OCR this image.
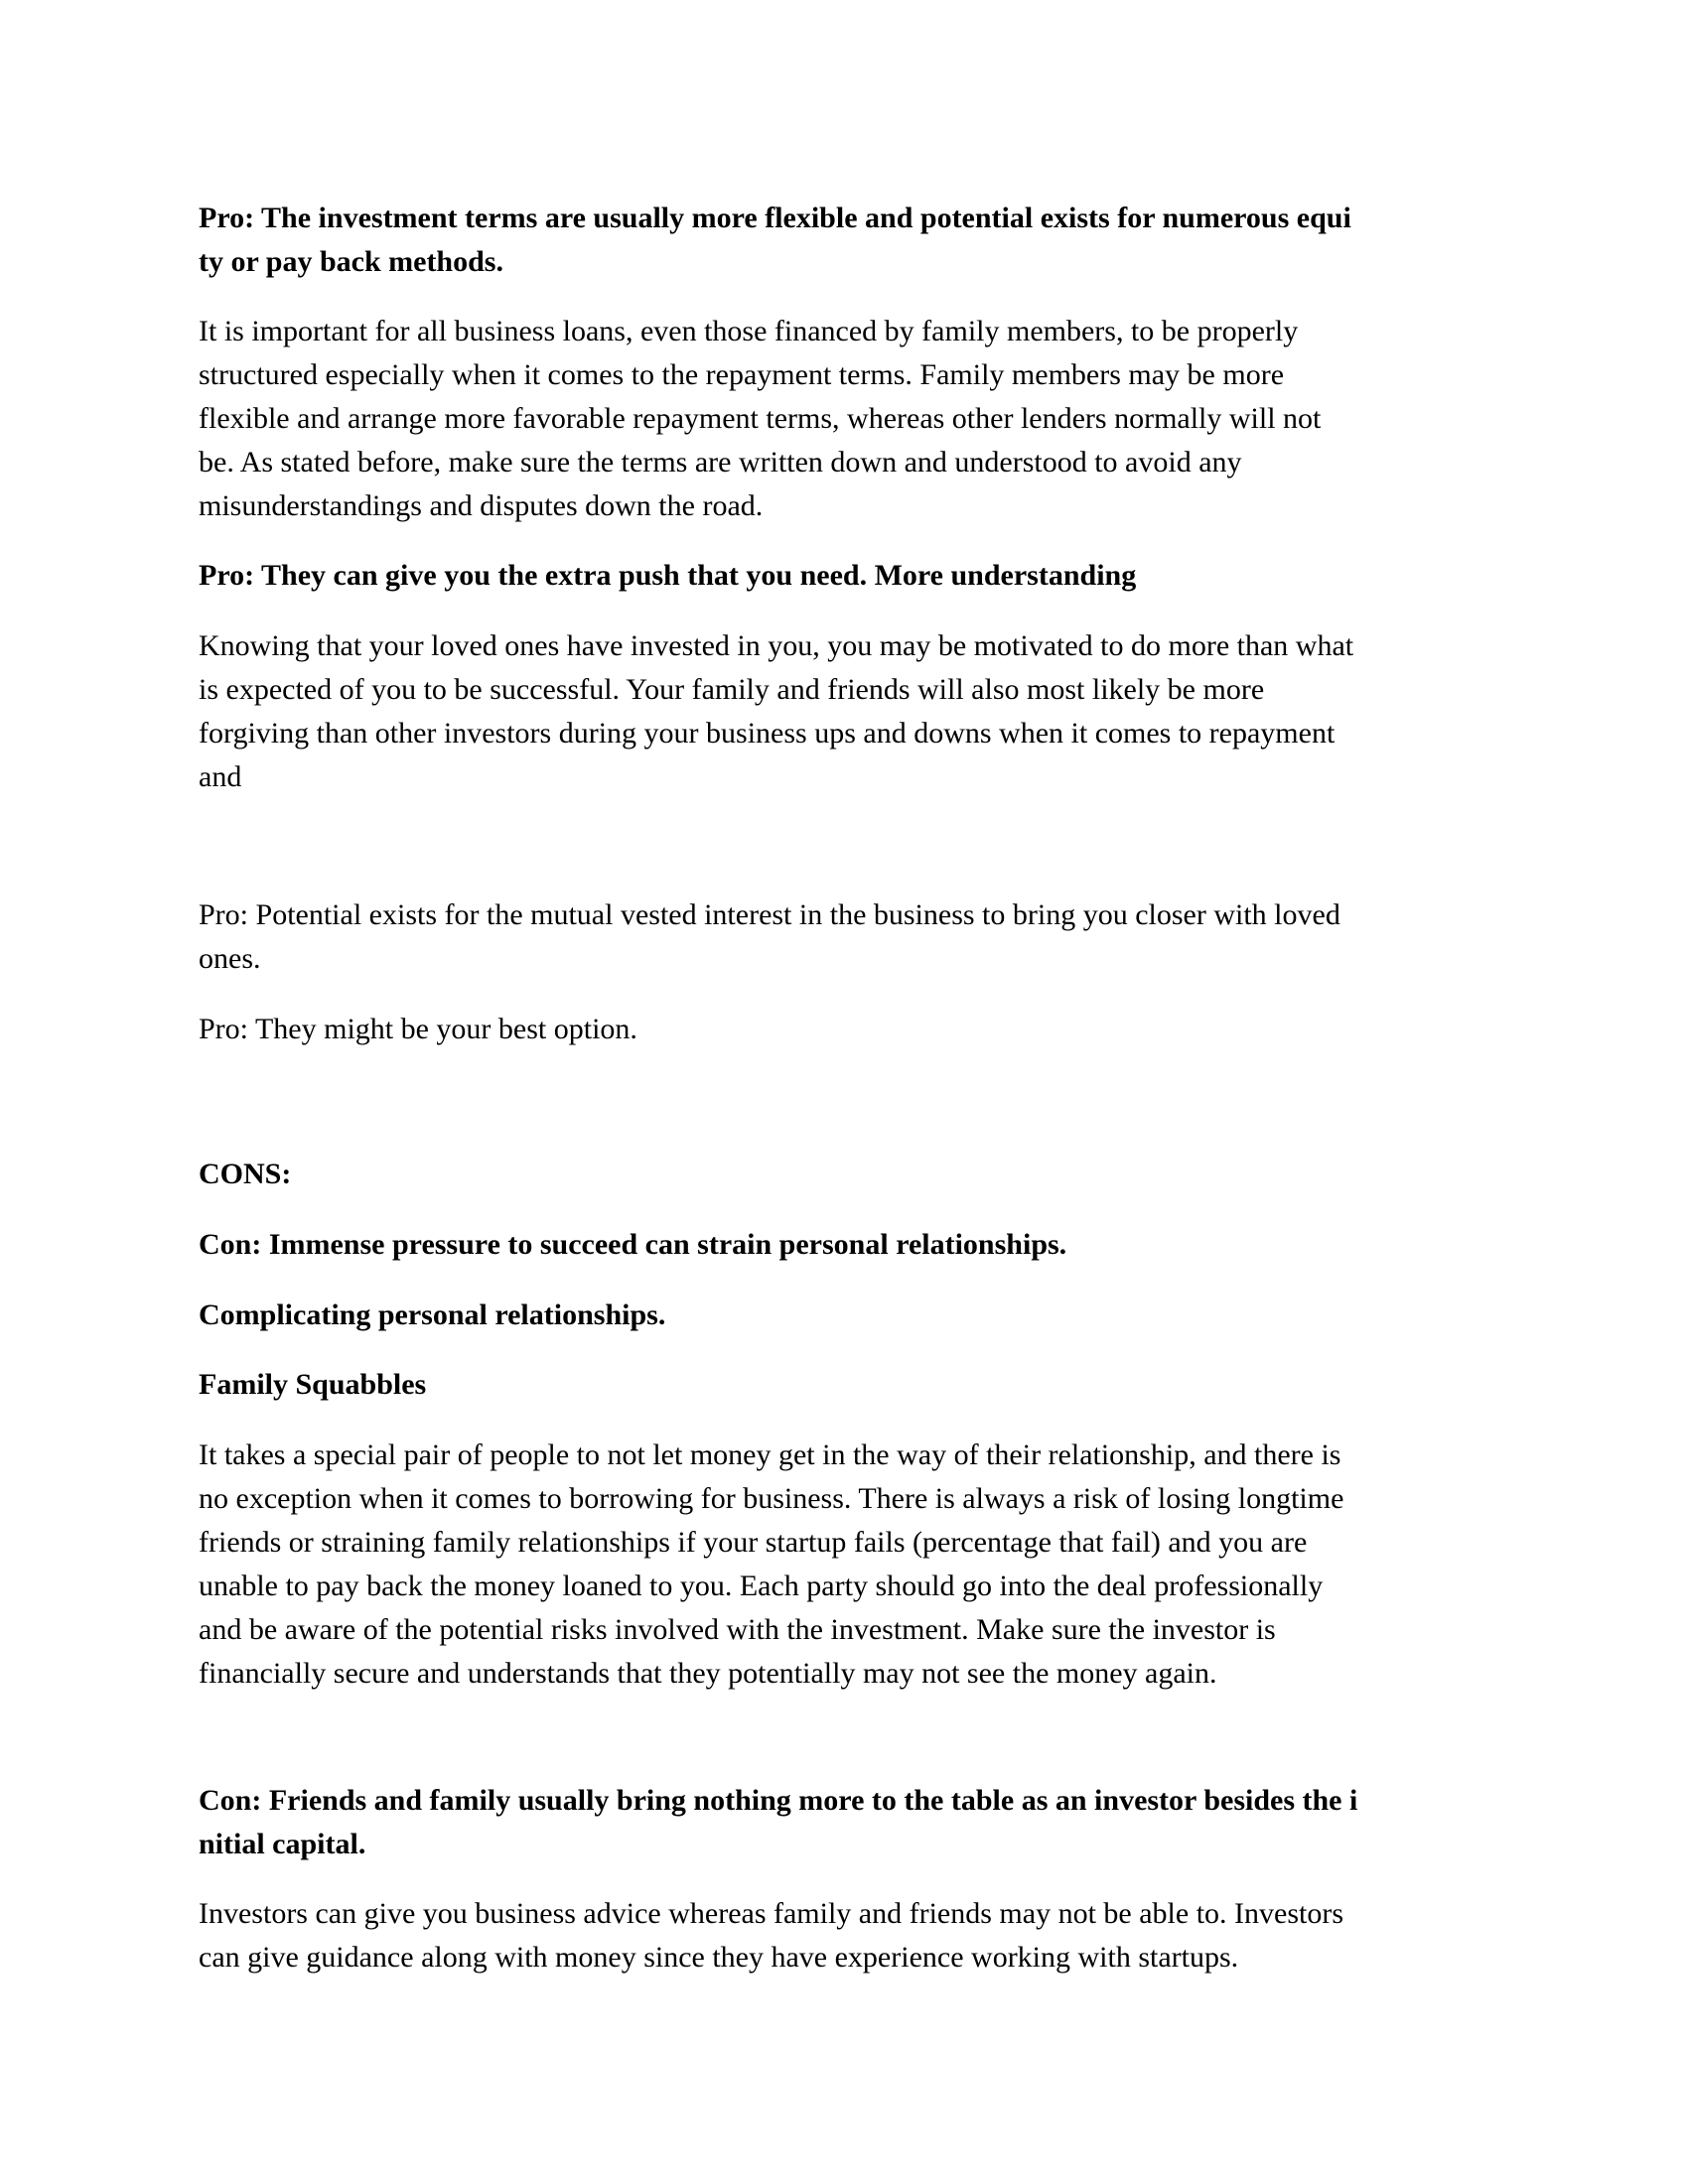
Pro: The investment terms are usually more flexible and potential exists for numerous equi
ty or pay back methods.

It is important for all business loans, even those financed by family members, to be properly
structured especially when it comes to the repayment terms. Family members may be more
flexible and arrange more favorable repayment terms, whereas other lenders normally will not
be. As stated before, make sure the terms are written down and understood to avoid any
misunderstandings and disputes down the road.

Pro: They can give you the extra push that you need. More understanding

Knowing that your loved ones have invested in you, you may be motivated to do more than what
is expected of you to be successful. Your family and friends will also most likely be more
forgiving than other investors during your business ups and downs when it comes to repayment
and

Pro: Potential exists for the mutual vested interest in the business to bring you closer with loved
ones.

Pro: They might be your best option.

CONS:

Con: Immense pressure to succeed can strain personal relationships.

Complicating personal relationships.

Family Squabbles

It takes a special pair of people to not let money get in the way of their relationship, and there is
no exception when it comes to borrowing for business. There is always a risk of losing longtime
friends or straining family relationships if your startup fails (percentage that fail) and you are
unable to pay back the money loaned to you. Each party should go into the deal professionally
and be aware of the potential risks involved with the investment. Make sure the investor is
financially secure and understands that they potentially may not see the money again.

Con: Friends and family usually bring nothing more to the table as an investor besides the i
nitial capital.

Investors can give you business advice whereas family and friends may not be able to. Investors
can give guidance along with money since they have experience working with startups.
